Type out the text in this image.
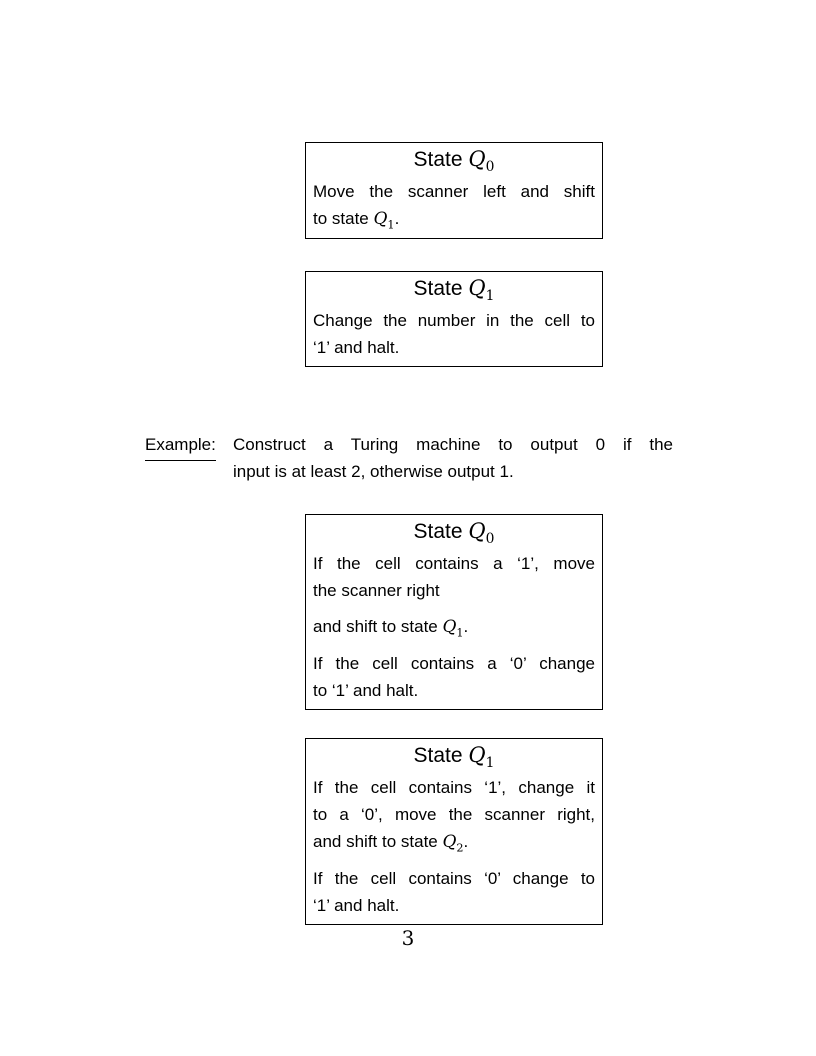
State $Q_0$
Move the scanner left and shift
to state $Q_1$.
State $Q_1$
Change the number in the cell to
‘1’ and halt.
Example: Construct a Turing machine to output 0 if the
input is at least 2, otherwise output 1.
State $Q_0$
If the cell contains a ‘1’, move
the scanner right
and shift to state $Q_1$.
If the cell contains a ‘0’ change
to ‘1’ and halt.
State $Q_1$
If the cell contains ‘1’, change it
to a ‘0’, move the scanner right,
and shift to state $Q_2$.
If the cell contains ‘0’ change to
‘1’ and halt.
3
